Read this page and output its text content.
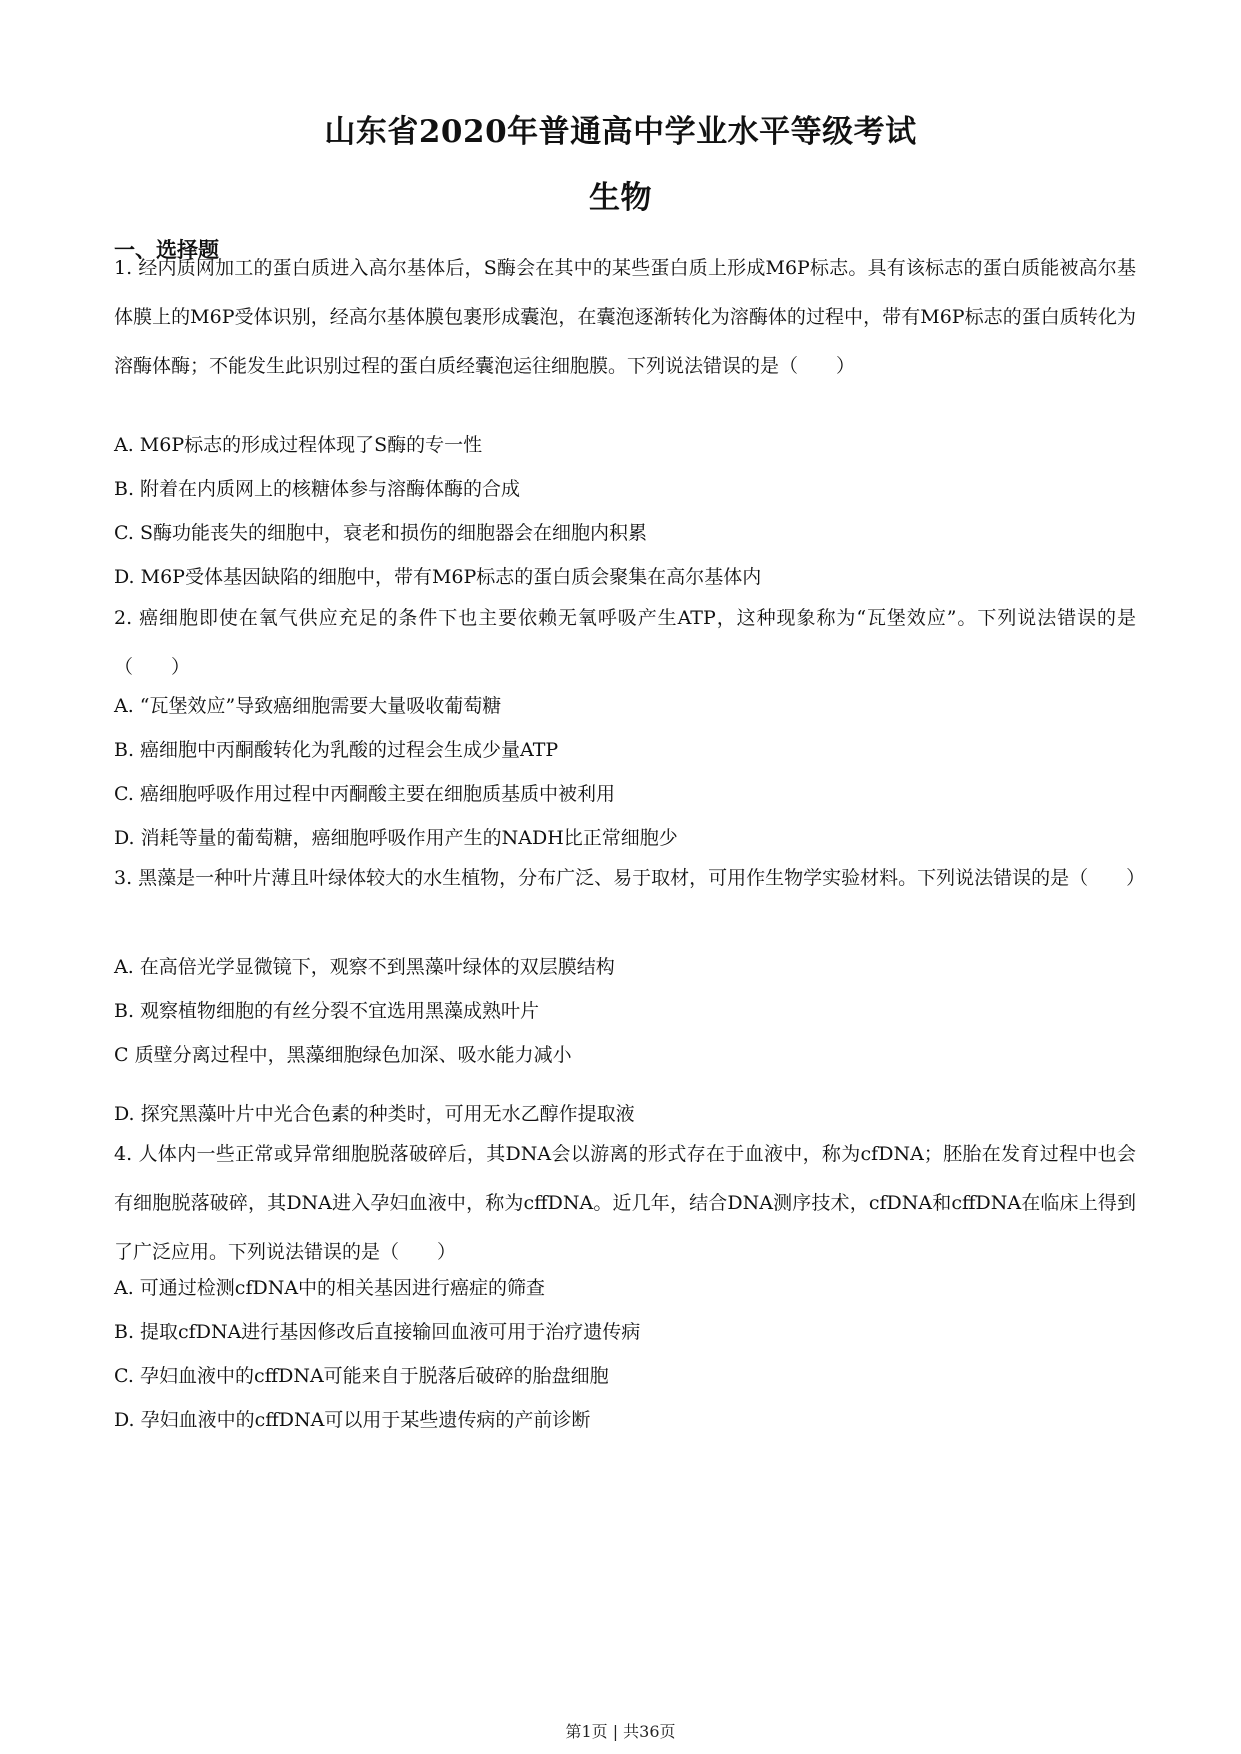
山东省2020年普通高中学业水平等级考试
生物
一、选择题
1. 经内质网加工的蛋白质进入高尔基体后，S酶会在其中的某些蛋白质上形成M6P标志。具有该标志的蛋白质能被高尔基体膜上的M6P受体识别，经高尔基体膜包裹形成囊泡，在囊泡逐渐转化为溶酶体的过程中，带有M6P标志的蛋白质转化为溶酶体酶；不能发生此识别过程的蛋白质经囊泡运往细胞膜。下列说法错误的是（　　）
A. M6P标志的形成过程体现了S酶的专一性
B. 附着在内质网上的核糖体参与溶酶体酶的合成
C. S酶功能丧失的细胞中，衰老和损伤的细胞器会在细胞内积累
D. M6P受体基因缺陷的细胞中，带有M6P标志的蛋白质会聚集在高尔基体内
2. 癌细胞即使在氧气供应充足的条件下也主要依赖无氧呼吸产生ATP，这种现象称为“瓦堡效应”。下列说法错误的是（　　）
A. “瓦堡效应”导致癌细胞需要大量吸收葡萄糖
B. 癌细胞中丙酮酸转化为乳酸的过程会生成少量ATP
C. 癌细胞呼吸作用过程中丙酮酸主要在细胞质基质中被利用
D. 消耗等量的葡萄糖，癌细胞呼吸作用产生的NADH比正常细胞少
3. 黑藻是一种叶片薄且叶绿体较大的水生植物，分布广泛、易于取材，可用作生物学实验材料。下列说法错误的是（　　）
A. 在高倍光学显微镜下，观察不到黑藻叶绿体的双层膜结构
B. 观察植物细胞的有丝分裂不宜选用黑藻成熟叶片
C 质壁分离过程中，黑藻细胞绿色加深、吸水能力减小
D. 探究黑藻叶片中光合色素的种类时，可用无水乙醇作提取液
4. 人体内一些正常或异常细胞脱落破碎后，其DNA会以游离的形式存在于血液中，称为cfDNA；胚胎在发育过程中也会有细胞脱落破碎，其DNA进入孕妇血液中，称为cffDNA。近几年，结合DNA测序技术，cfDNA和cffDNA在临床上得到了广泛应用。下列说法错误的是（　　）
A. 可通过检测cfDNA中的相关基因进行癌症的筛查
B. 提取cfDNA进行基因修改后直接输回血液可用于治疗遗传病
C. 孕妇血液中的cffDNA可能来自于脱落后破碎的胎盘细胞
D. 孕妇血液中的cffDNA可以用于某些遗传病的产前诊断
第1页 | 共36页
